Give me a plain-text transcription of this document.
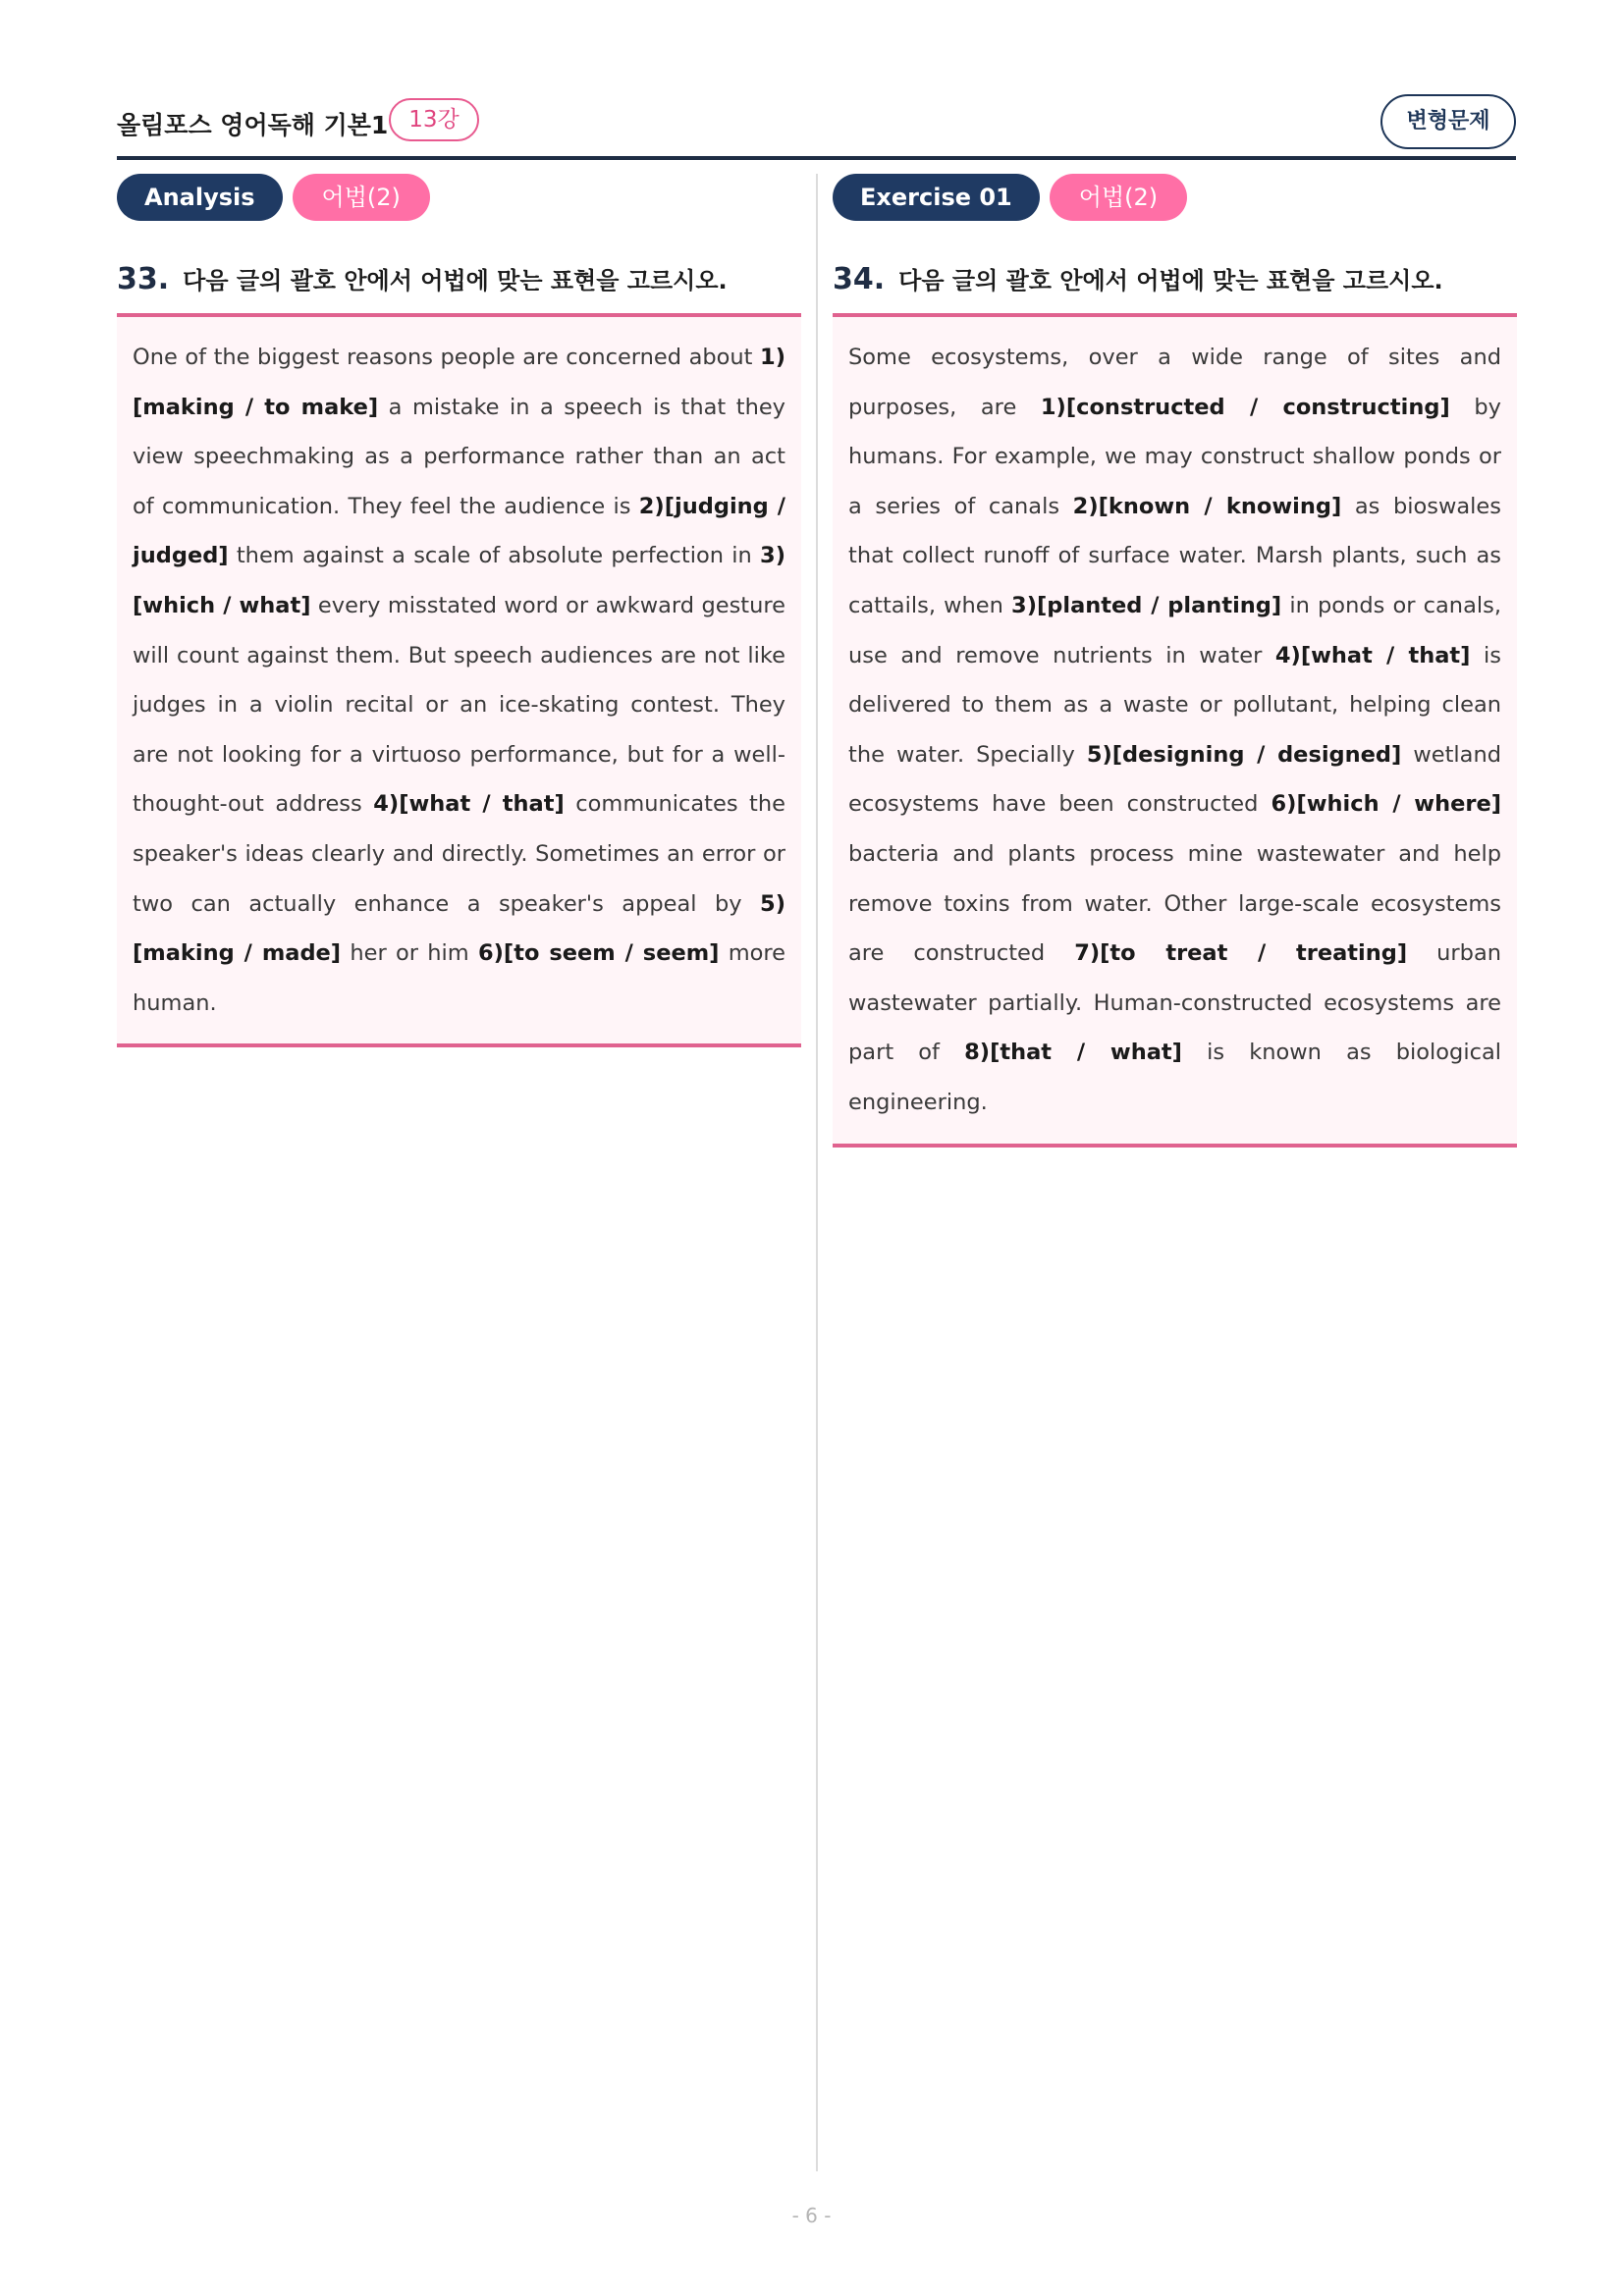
올림포스 영어독해 기본1 13강	변형문제
Analysis	어법(2)
33. 다음 글의 괄호 안에서 어법에 맞는 표현을 고르시오.

One of the biggest reasons people are concerned about 1)[making / to make] a mistake in a speech is that they view speechmaking as a performance rather than an act of communication. They feel the audience is 2)[judging / judged] them against a scale of absolute perfection in 3)[which / what] every misstated word or awkward gesture will count against them. But speech audiences are not like judges in a violin recital or an ice-skating contest. They are not looking for a virtuoso performance, but for a well-thought-out address 4)[what / that] communicates the speaker's ideas clearly and directly. Sometimes an error or two can actually enhance a speaker's appeal by 5)[making / made] her or him 6)[to seem / seem] more human.

Exercise 01	어법(2)
34. 다음 글의 괄호 안에서 어법에 맞는 표현을 고르시오.

Some ecosystems, over a wide range of sites and purposes, are 1)[constructed / constructing] by humans. For example, we may construct shallow ponds or a series of canals 2)[known / knowing] as bioswales that collect runoff of surface water. Marsh plants, such as cattails, when 3)[planted / planting] in ponds or canals, use and remove nutrients in water 4)[what / that] is delivered to them as a waste or pollutant, helping clean the water. Specially 5)[designing / designed] wetland ecosystems have been constructed 6)[which / where] bacteria and plants process mine wastewater and help remove toxins from water. Other large-scale ecosystems are constructed 7)[to treat / treating] urban wastewater partially. Human-constructed ecosystems are part of 8)[that / what] is known as biological engineering.

- 6 -
